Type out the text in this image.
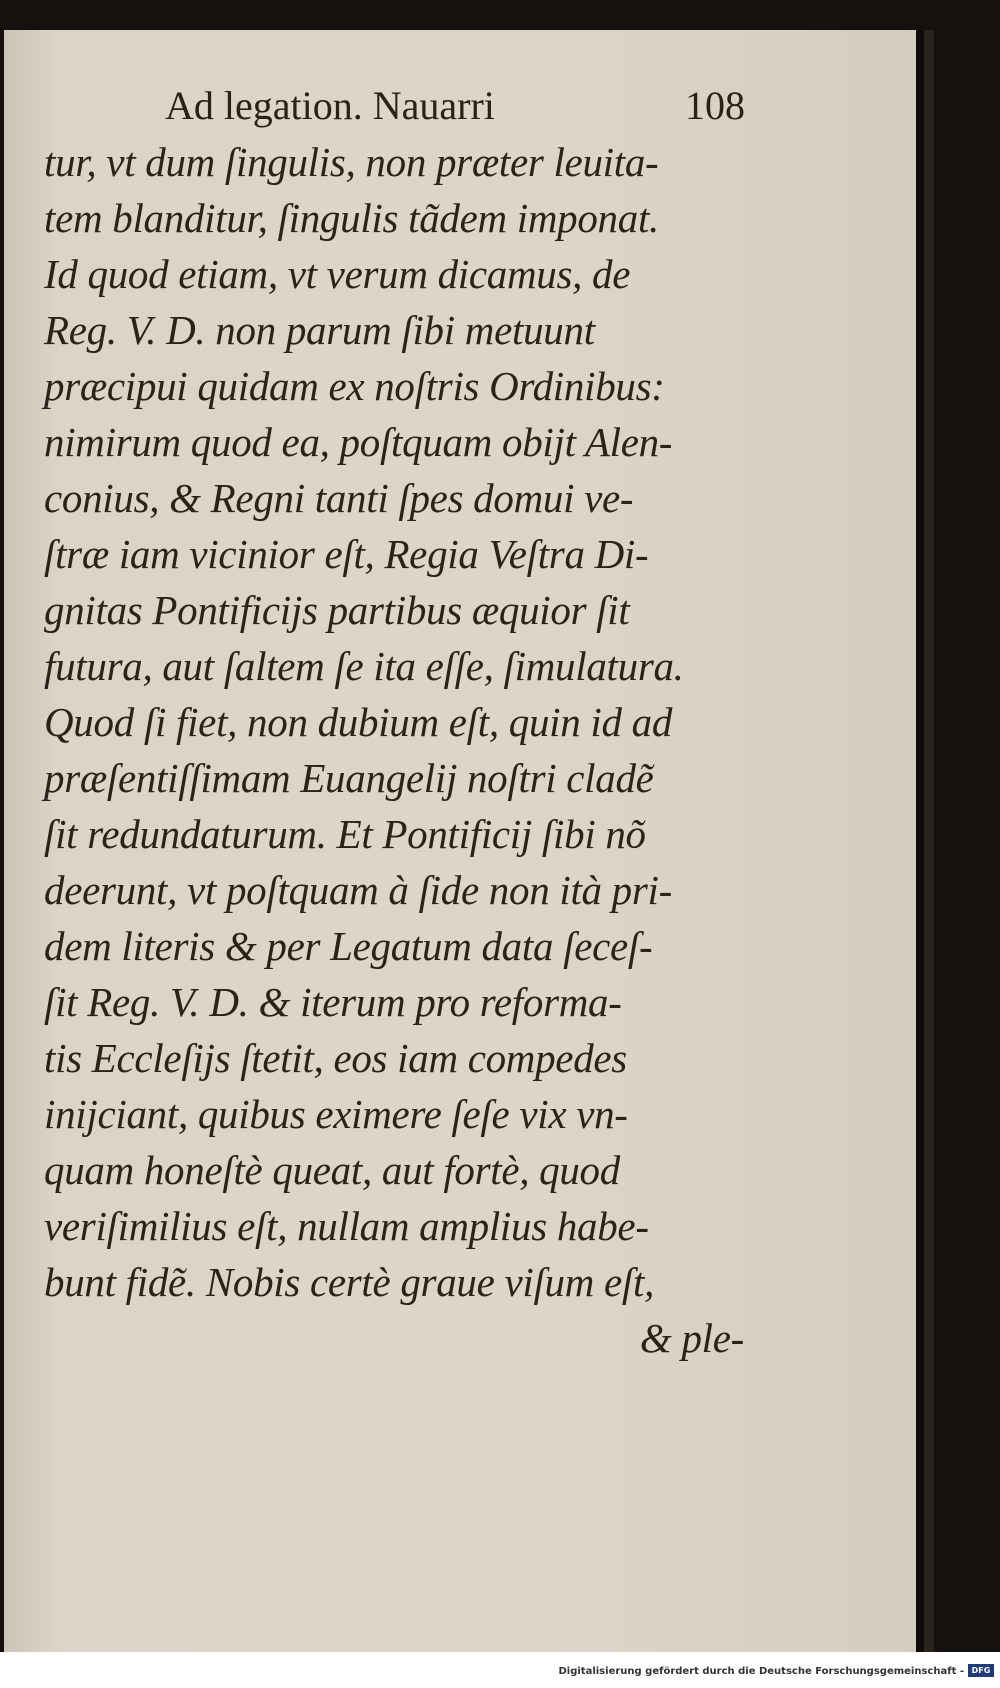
Ad legation. Nauarri	108
tur, vt dum ſingulis, non præter leuita-
tem blanditur, ſingulis tãdem imponat.
Id quod etiam, vt verum dicamus, de
Reg. V. D. non parum ſibi metuunt
præcipui quidam ex noſtris Ordinibus:
nimirum quod ea, poſtquam obijt Alen-
conius, & Regni tanti ſpes domui ve-
ſtræ iam vicinior eſt, Regia Veſtra Di-
gnitas Pontificijs partibus æquior ſit
futura, aut ſaltem ſe ita eſſe, ſimulatura.
Quod ſi fiet, non dubium eſt, quin id ad
præſentiſſimam Euangelij noſtri cladẽ
ſit redundaturum. Et Pontificij ſibi nõ
deerunt, vt poſtquam à ſide non ità pri-
dem literis & per Legatum data ſeceſ-
ſit Reg. V. D. & iterum pro reforma-
tis Eccleſijs ſtetit, eos iam compedes
inijciant, quibus eximere ſeſe vix vn-
quam honeſtè queat, aut fortè, quod
veriſimilius eſt, nullam amplius habe-
bunt fidẽ. Nobis certè graue viſum eſt,
& ple-
Digitalisierung gefördert durch die Deutsche Forschungsgemeinschaft - DFG
